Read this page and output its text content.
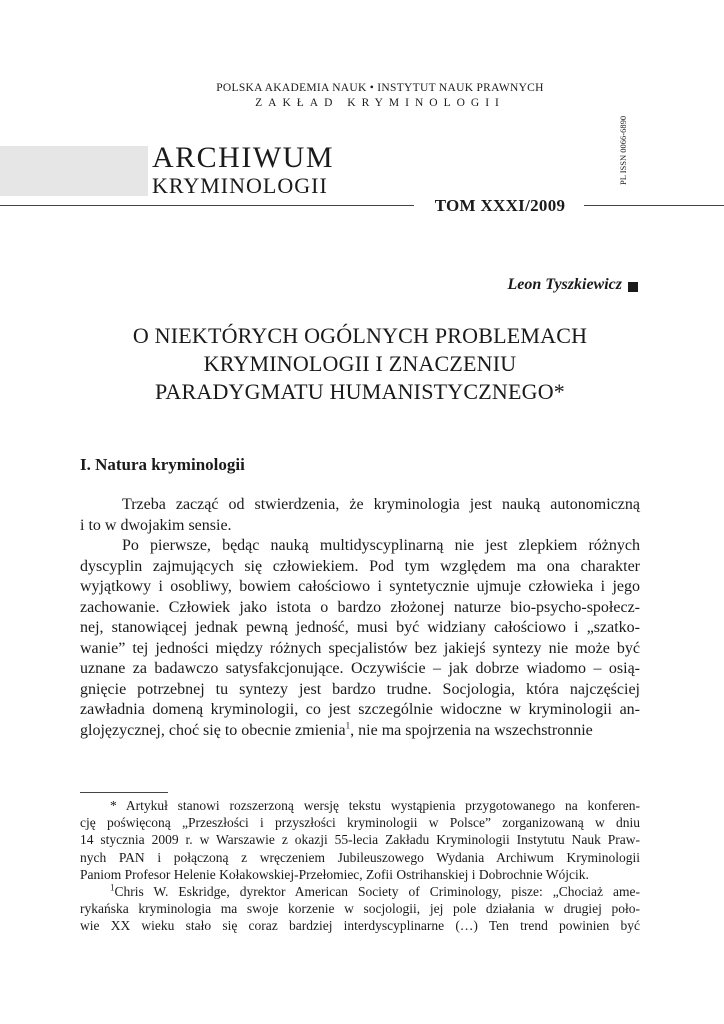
POLSKA AKADEMIA NAUK • INSTYTUT NAUK PRAWNYCH
ZAKŁAD KRYMINOLOGII
PL ISSN 0066-6890
ARCHIWUM
KRYMINOLOGII
TOM XXXI/2009
Leon Tyszkiewicz
O NIEKTÓRYCH OGÓLNYCH PROBLEMACH
KRYMINOLOGII I ZNACZENIU
PARADYGMATU HUMANISTYCZNEGO*
I. Natura kryminologii
Trzeba zacząć od stwierdzenia, że kryminologia jest nauką autonomiczną
i to w dwojakim sensie.
Po pierwsze, będąc nauką multidyscyplinarną nie jest zlepkiem różnych
dyscyplin zajmujących się człowiekiem. Pod tym względem ma ona charakter
wyjątkowy i osobliwy, bowiem całościowo i syntetycznie ujmuje człowieka i jego
zachowanie. Człowiek jako istota o bardzo złożonej naturze bio-psycho-społecz-
nej, stanowiącej jednak pewną jedność, musi być widziany całościowo i „szatko-
wanie” tej jedności między różnych specjalistów bez jakiejś syntezy nie może być
uznane za badawczo satysfakcjonujące. Oczywiście – jak dobrze wiadomo – osią-
gnięcie potrzebnej tu syntezy jest bardzo trudne. Socjologia, która najczęściej
zawładnia domeną kryminologii, co jest szczególnie widoczne w kryminologii an-
glojęzycznej, choć się to obecnie zmienia$^1$, nie ma spojrzenia na wszechstronnie
* Artykuł stanowi rozszerzoną wersję tekstu wystąpienia przygotowanego na konferen-
cję poświęconą „Przeszłości i przyszłości kryminologii w Polsce” zorganizowaną w dniu
14 stycznia 2009 r. w Warszawie z okazji 55-lecia Zakładu Kryminologii Instytutu Nauk Praw-
nych PAN i połączoną z wręczeniem Jubileuszowego Wydania Archiwum Kryminologii
Paniom Profesor Helenie Kołakowskiej-Przełomiec, Zofii Ostrihanskiej i Dobrochnie Wójcik.
$^1$Chris W. Eskridge, dyrektor American Society of Criminology, pisze: „Chociaż ame-
rykańska kryminologia ma swoje korzenie w socjologii, jej pole działania w drugiej poło-
wie XX wieku stało się coraz bardziej interdyscyplinarne (…) Ten trend powinien być
